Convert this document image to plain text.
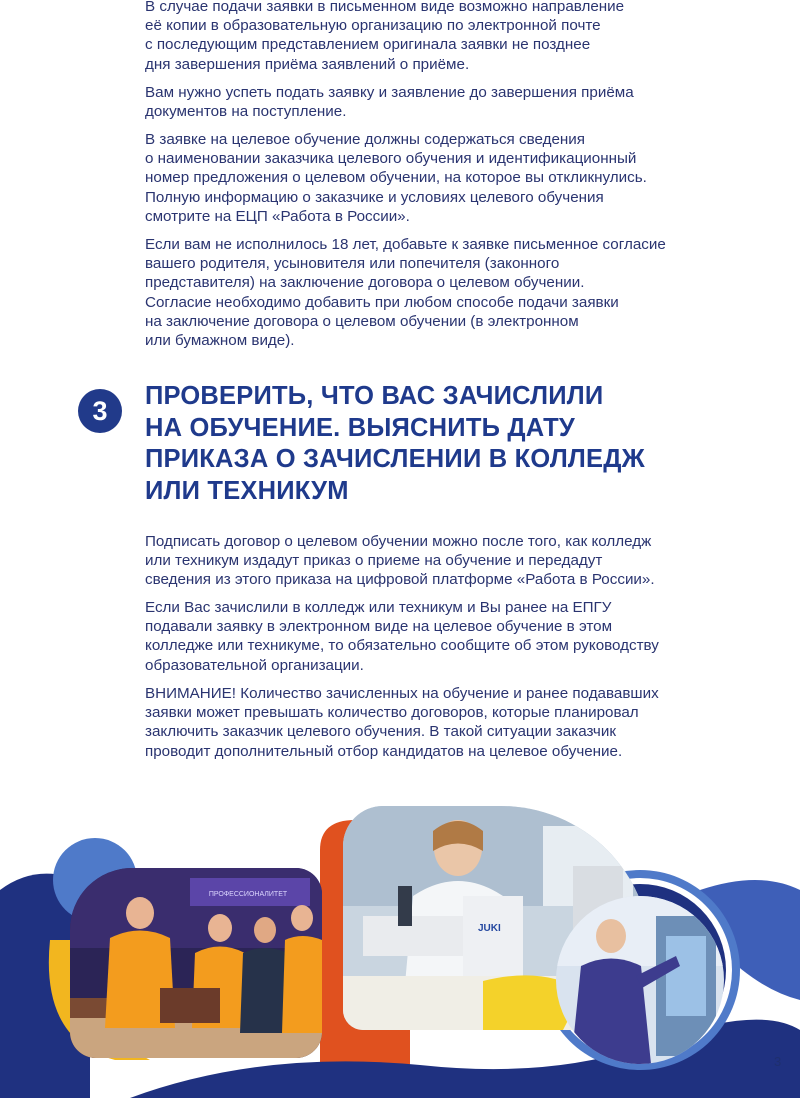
В случае подачи заявки в письменном виде возможно направление
её копии в образовательную организацию по электронной почте
с последующим представлением оригинала заявки не позднее
дня завершения приёма заявлений о приёме.

Вам нужно успеть подать заявку и заявление до завершения приёма
документов на поступление.

В заявке на целевое обучение должны содержаться сведения
о наименовании заказчика целевого обучения и идентификационный
номер предложения о целевом обучении, на которое вы откликнулись.
Полную информацию о заказчике и условиях целевого обучения
смотрите на ЕЦП «Работа в России».

Если вам не исполнилось 18 лет, добавьте к заявке письменное согласие
вашего родителя, усыновителя или попечителя (законного
представителя) на заключение договора о целевом обучении.
Согласие необходимо добавить при любом способе подачи заявки
на заключение договора о целевом обучении (в электронном
или бумажном виде).

3	ПРОВЕРИТЬ, ЧТО ВАС ЗАЧИСЛИЛИ
НА ОБУЧЕНИЕ. ВЫЯСНИТЬ ДАТУ
ПРИКАЗА О ЗАЧИСЛЕНИИ В КОЛЛЕДЖ
ИЛИ ТЕХНИКУМ

Подписать договор о целевом обучении можно после того, как колледж
или техникум издадут приказ о приеме на обучение и передадут
сведения из этого приказа на цифровой платформе «Работа в России».

Если Вас зачислили в колледж или техникум и Вы ранее на ЕПГУ
подавали заявку в электронном виде на целевое обучение в этом
колледже или техникуме, то обязательно сообщите об этом руководству
образовательной организации.

ВНИМАНИЕ! Количество зачисленных на обучение и ранее подававших
заявки может превышать количество договоров, которые планировал
заключить заказчик целевого обучения. В такой ситуации заказчик
проводит дополнительный отбор кандидатов на целевое обучение.

ПРОФЕССИОНАЛИТЕТ
JUKI
3
